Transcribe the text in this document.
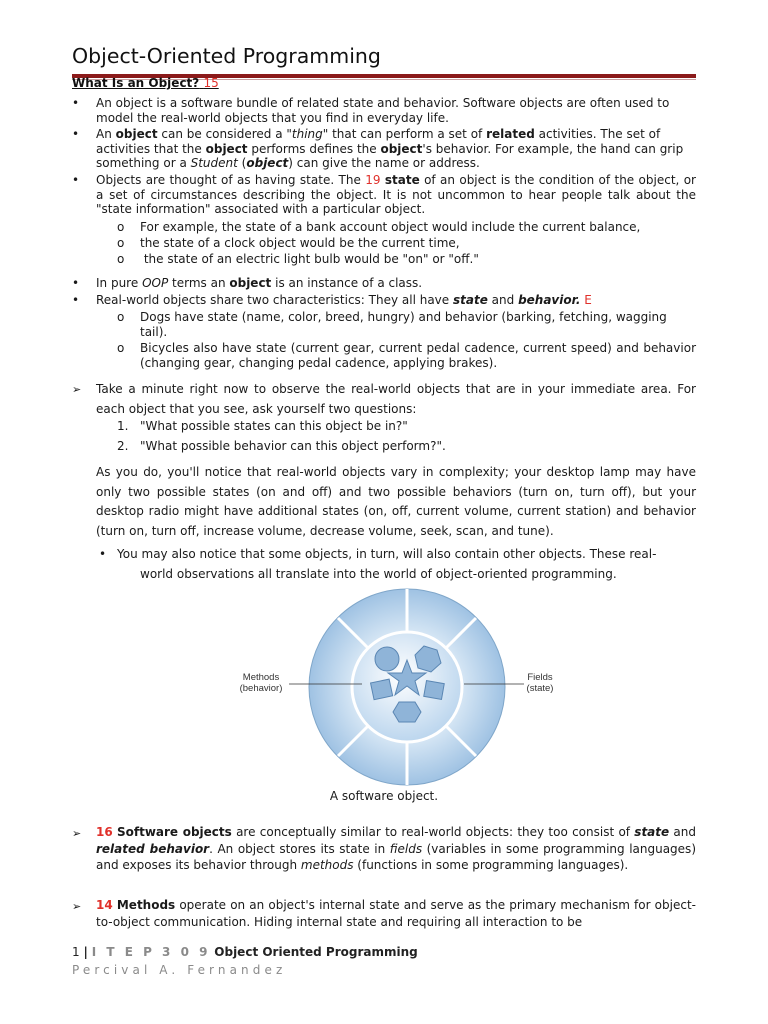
Object-Oriented Programming
What Is an Object? 15
• An object is a software bundle of related state and behavior. Software objects are often used to model the real-world objects that you find in everyday life.
• An object can be considered a "thing" that can perform a set of related activities. The set of activities that the object performs defines the object's behavior. For example, the hand can grip something or a Student (object) can give the name or address.
• Objects are thought of as having state. The 19 state of an object is the condition of the object, or a set of circumstances describing the object. It is not uncommon to hear people talk about the "state information" associated with a particular object.
o For example, the state of a bank account object would include the current balance,
o the state of a clock object would be the current time,
o the state of an electric light bulb would be "on" or "off."
• In pure OOP terms an object is an instance of a class.
• Real-world objects share two characteristics: They all have state and behavior. E
o Dogs have state (name, color, breed, hungry) and behavior (barking, fetching, wagging tail).
o Bicycles also have state (current gear, current pedal cadence, current speed) and behavior (changing gear, changing pedal cadence, applying brakes).
➢ Take a minute right now to observe the real-world objects that are in your immediate area. For each object that you see, ask yourself two questions:
1. "What possible states can this object be in?"
2. "What possible behavior can this object perform?".
As you do, you'll notice that real-world objects vary in complexity; your desktop lamp may have only two possible states (on and off) and two possible behaviors (turn on, turn off), but your desktop radio might have additional states (on, off, current volume, current station) and behavior (turn on, turn off, increase volume, decrease volume, seek, scan, and tune).
• You may also notice that some objects, in turn, will also contain other objects. These real-
world observations all translate into the world of object-oriented programming.
Methods
(behavior)
Fields
(state)
A software object.
➢ 16 Software objects are conceptually similar to real-world objects: they too consist of state and related behavior. An object stores its state in fields (variables in some programming languages) and exposes its behavior through methods (functions in some programming languages).
➢ 14 Methods operate on an object's internal state and serve as the primary mechanism for object-to-object communication. Hiding internal state and requiring all interaction to be
1 | I T E P 3 0 9 Object Oriented Programming
Percival A. Fernandez
